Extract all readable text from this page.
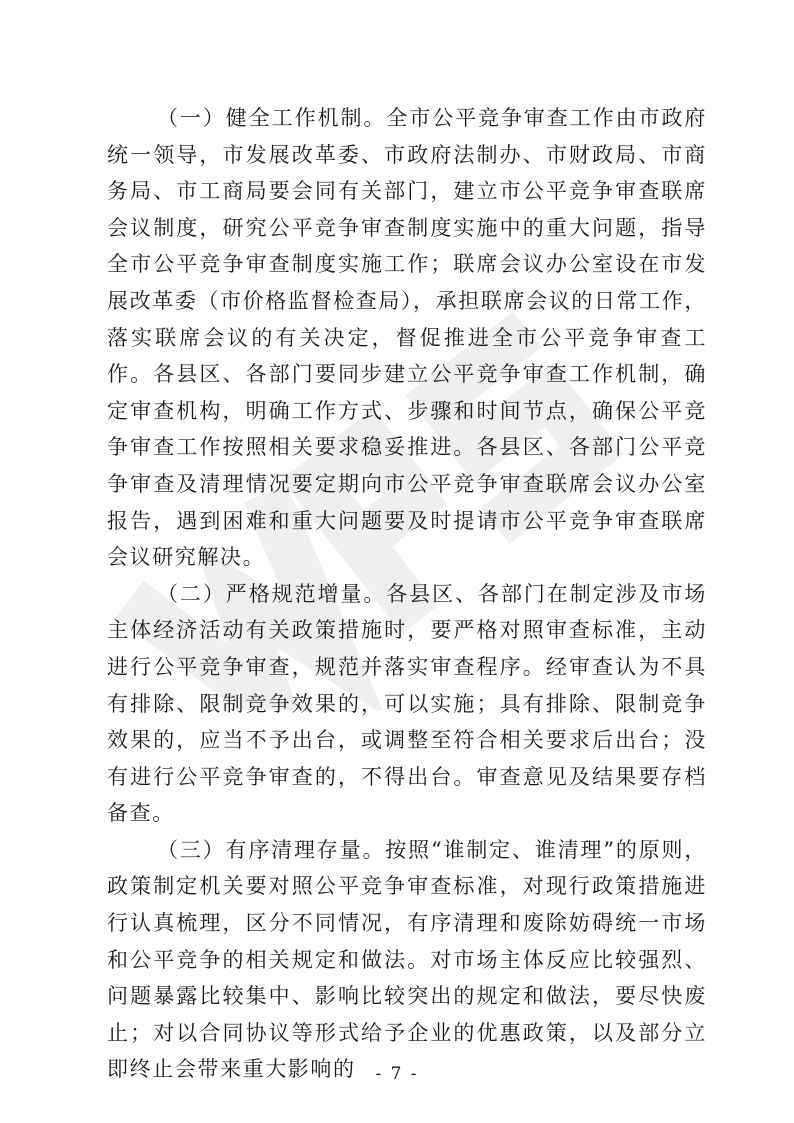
（一）健全工作机制。全市公平竞争审查工作由市政府统一领导，市发展改革委、市政府法制办、市财政局、市商务局、市工商局要会同有关部门，建立市公平竞争审查联席会议制度，研究公平竞争审查制度实施中的重大问题，指导全市公平竞争审查制度实施工作；联席会议办公室设在市发展改革委（市价格监督检查局），承担联席会议的日常工作，落实联席会议的有关决定，督促推进全市公平竞争审查工作。各县区、各部门要同步建立公平竞争审查工作机制，确定审查机构，明确工作方式、步骤和时间节点，确保公平竞争审查工作按照相关要求稳妥推进。各县区、各部门公平竞争审查及清理情况要定期向市公平竞争审查联席会议办公室报告，遇到困难和重大问题要及时提请市公平竞争审查联席会议研究解决。

（二）严格规范增量。各县区、各部门在制定涉及市场主体经济活动有关政策措施时，要严格对照审查标准，主动进行公平竞争审查，规范并落实审查程序。经审查认为不具有排除、限制竞争效果的，可以实施；具有排除、限制竞争效果的，应当不予出台，或调整至符合相关要求后出台；没有进行公平竞争审查的，不得出台。审查意见及结果要存档备查。

（三）有序清理存量。按照“谁制定、谁清理”的原则，政策制定机关要对照公平竞争审查标准，对现行政策措施进行认真梳理，区分不同情况，有序清理和废除妨碍统一市场和公平竞争的相关规定和做法。对市场主体反应比较强烈、问题暴露比较集中、影响比较突出的规定和做法，要尽快废止；对以合同协议等形式给予企业的优惠政策，以及部分立即终止会带来重大影响的	- 7 -
